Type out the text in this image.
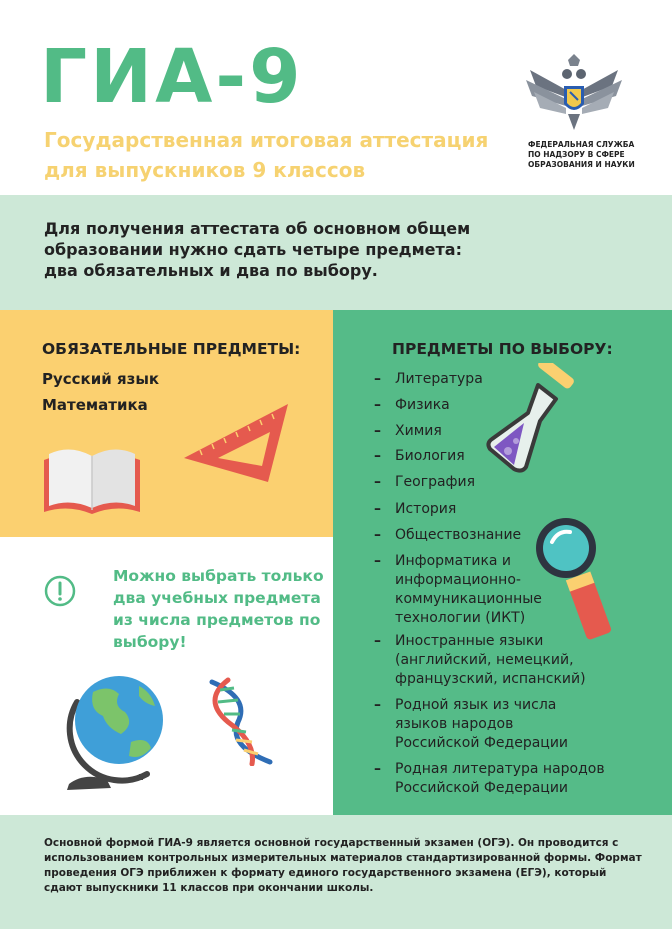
ГИА-9
Государственная итоговая аттестация для выпускников 9 классов
ФЕДЕРАЛЬНАЯ СЛУЖБА ПО НАДЗОРУ В СФЕРЕ ОБРАЗОВАНИЯ И НАУКИ
Для получения аттестата об основном общем образовании нужно сдать четыре предмета: два обязательных и два по выбору.
ОБЯЗАТЕЛЬНЫЕ ПРЕДМЕТЫ:
Русский язык
Математика
Можно выбрать только два учебных предмета из числа предметов по выбору!
ПРЕДМЕТЫ ПО ВЫБОРУ:
– Литература
– Физика
– Химия
– Биология
– География
– История
– Обществознание
– Информатика и информационно-коммуникационные технологии (ИКТ)
– Иностранные языки (английский, немецкий, французский, испанский)
– Родной язык из числа языков народов Российской Федерации
– Родная литература народов Российской Федерации
Основной формой ГИА-9 является основной государственный экзамен (ОГЭ). Он проводится с использованием контрольных измерительных материалов стандартизированной формы. Формат проведения ОГЭ приближен к формату единого государственного экзамена (ЕГЭ), который сдают выпускники 11 классов при окончании школы.
